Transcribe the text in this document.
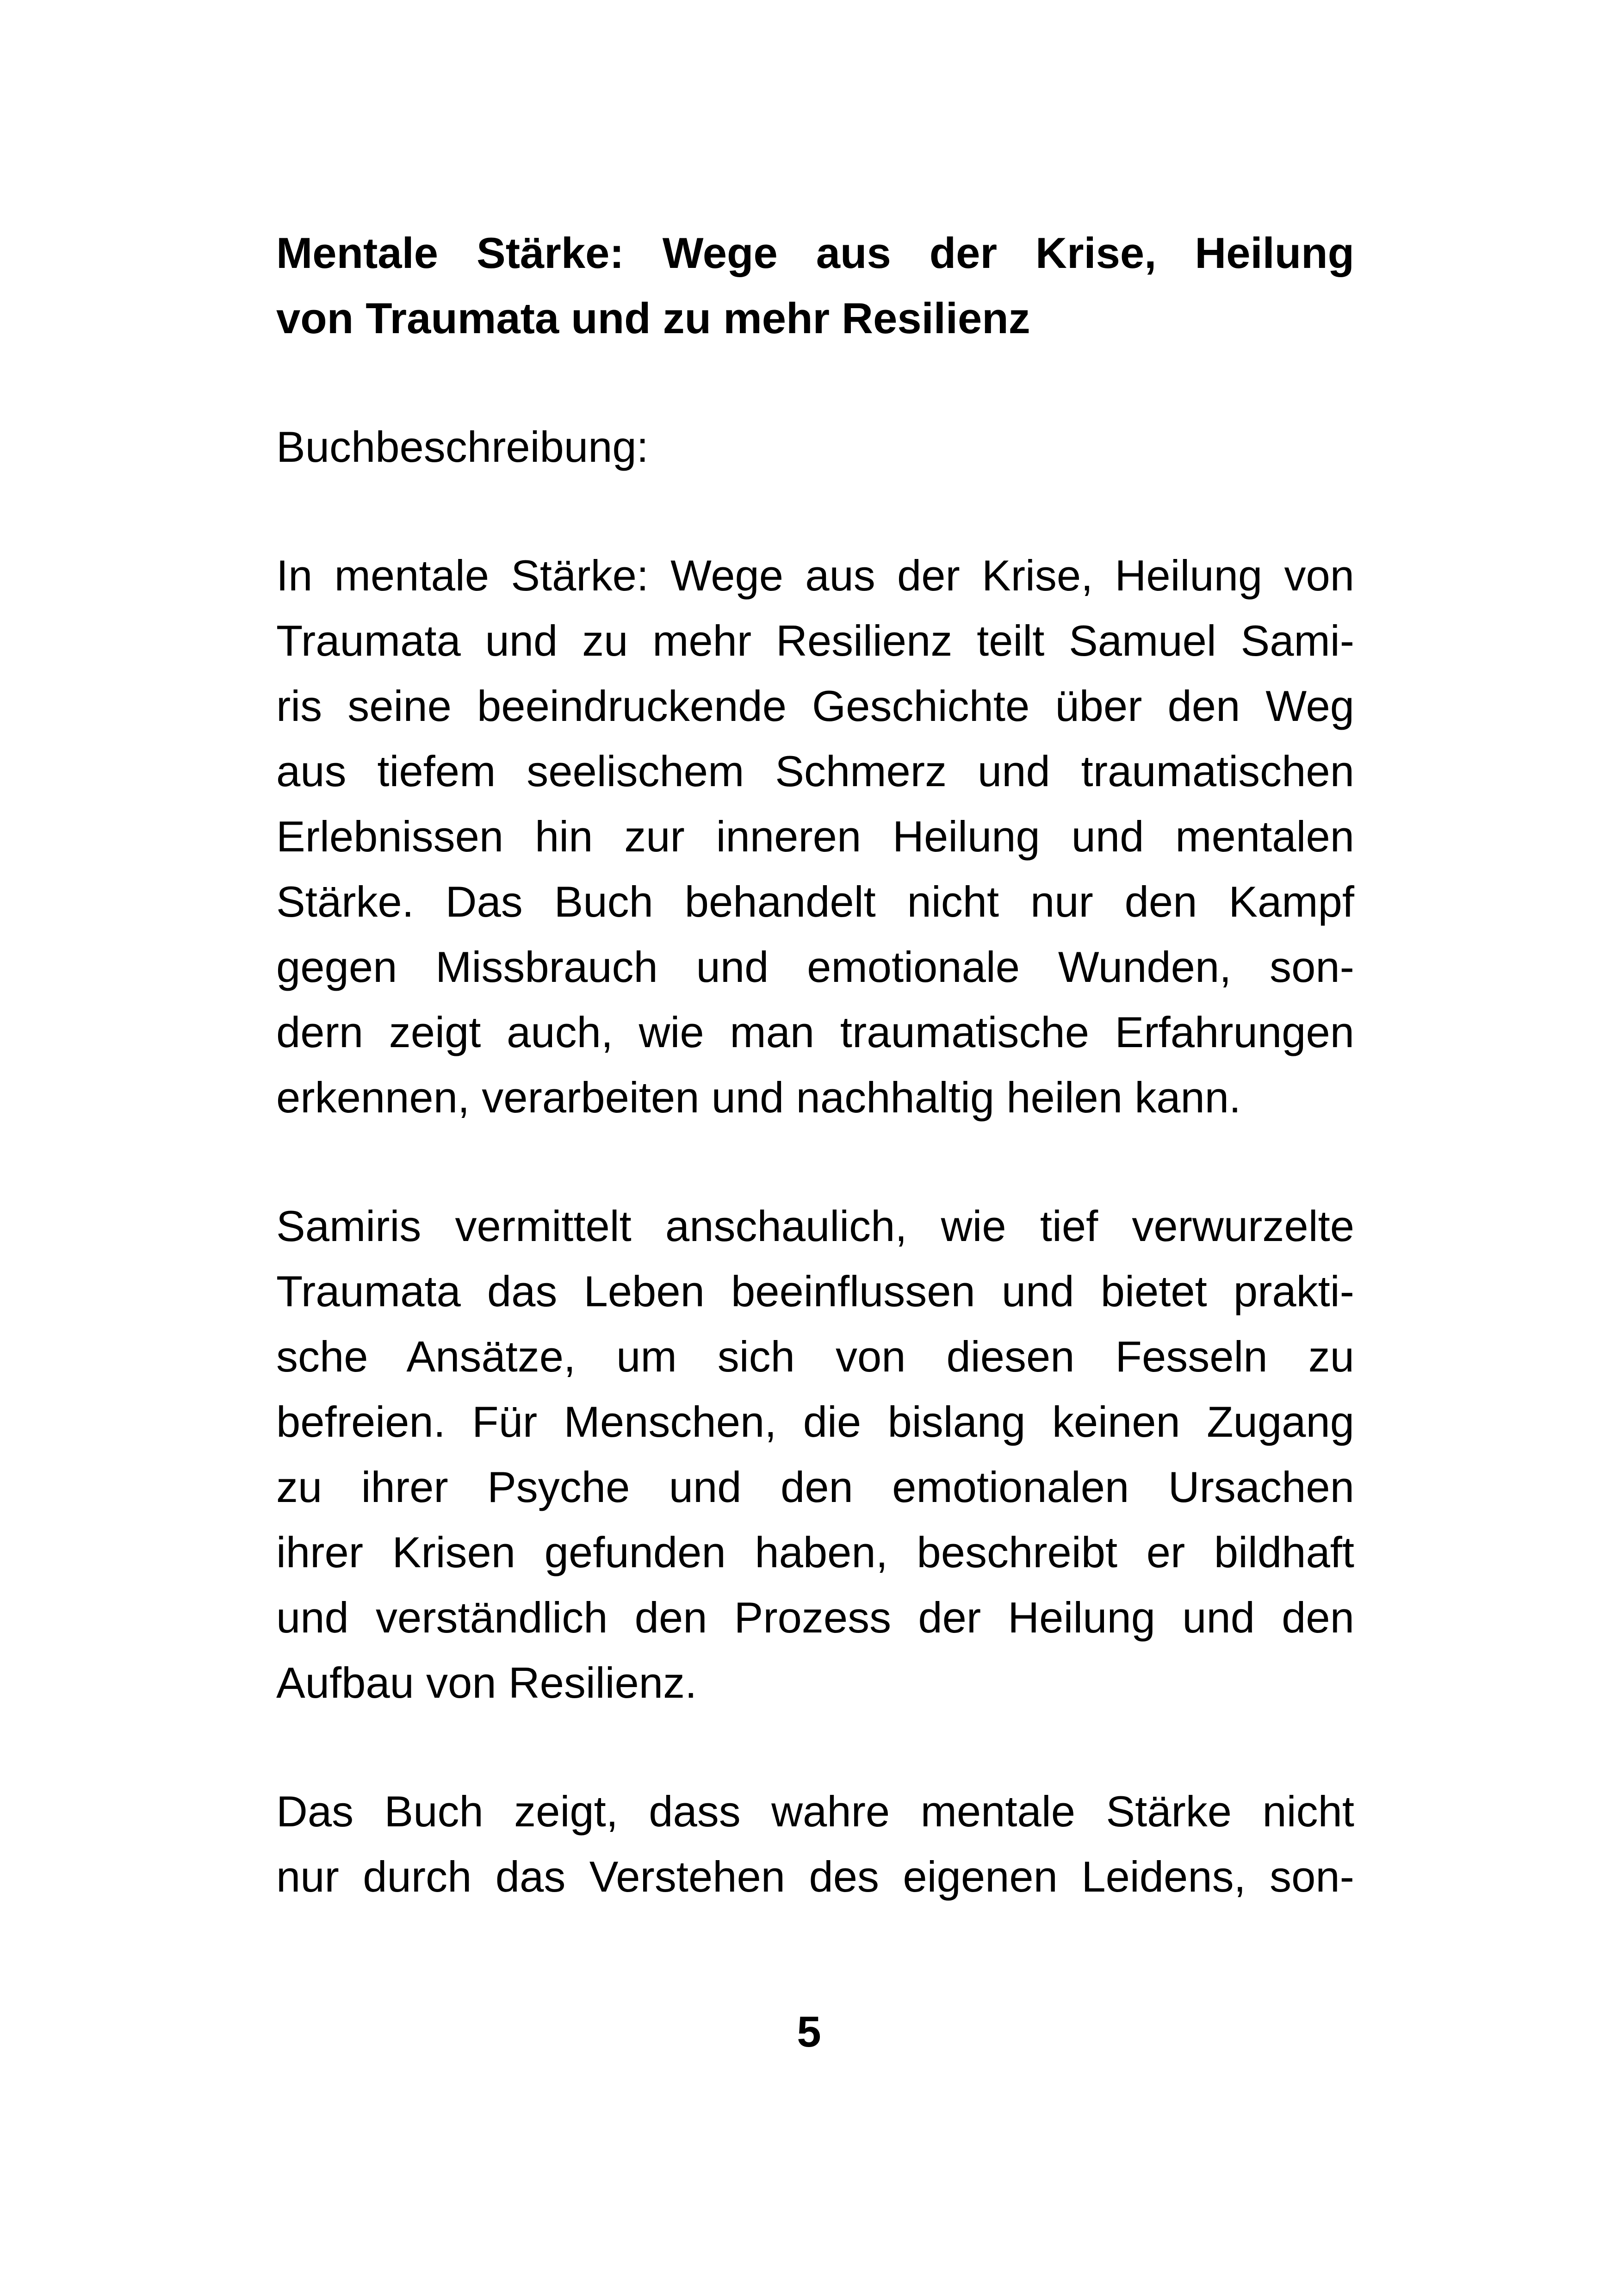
Mentale Stärke: Wege aus der Krise, Heilung
von Traumata und zu mehr Resilienz
Buchbeschreibung:
In mentale Stärke: Wege aus der Krise, Heilung von
Traumata und zu mehr Resilienz teilt Samuel Sami-
ris seine beeindruckende Geschichte über den Weg
aus tiefem seelischem Schmerz und traumatischen
Erlebnissen hin zur inneren Heilung und mentalen
Stärke. Das Buch behandelt nicht nur den Kampf
gegen Missbrauch und emotionale Wunden, son-
dern zeigt auch, wie man traumatische Erfahrungen
erkennen, verarbeiten und nachhaltig heilen kann.
Samiris vermittelt anschaulich, wie tief verwurzelte
Traumata das Leben beeinflussen und bietet prakti-
sche Ansätze, um sich von diesen Fesseln zu
befreien. Für Menschen, die bislang keinen Zugang
zu ihrer Psyche und den emotionalen Ursachen
ihrer Krisen gefunden haben, beschreibt er bildhaft
und verständlich den Prozess der Heilung und den
Aufbau von Resilienz.
Das Buch zeigt, dass wahre mentale Stärke nicht
nur durch das Verstehen des eigenen Leidens, son-
5
